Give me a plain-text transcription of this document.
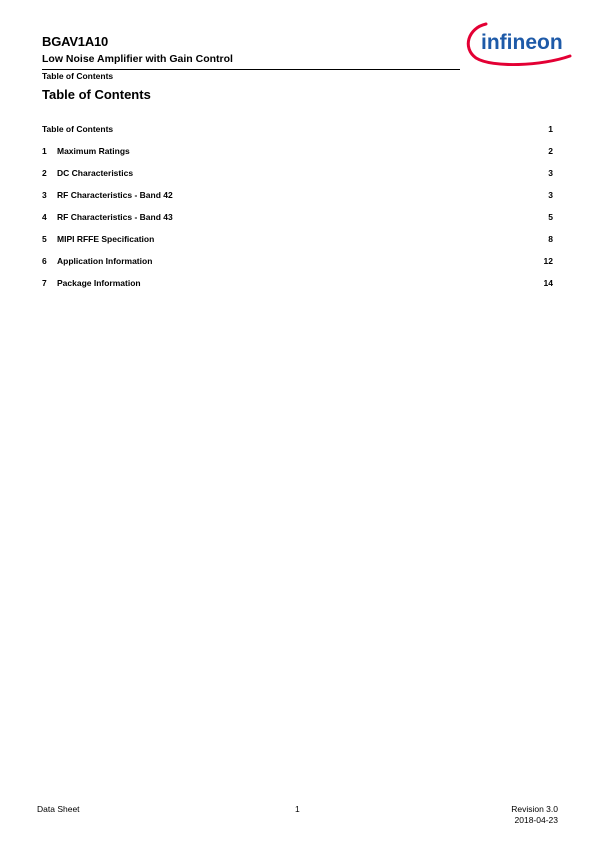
BGAV1A10
Low Noise Amplifier with Gain Control
Table of Contents
infineon
Table of Contents
Table of Contents	1
1 Maximum Ratings	2
2 DC Characteristics	3
3 RF Characteristics - Band 42	3
4 RF Characteristics - Band 43	5
5 MIPI RFFE Specification	8
6 Application Information	12
7 Package Information	14
Data Sheet	1	Revision 3.0
2018-04-23
